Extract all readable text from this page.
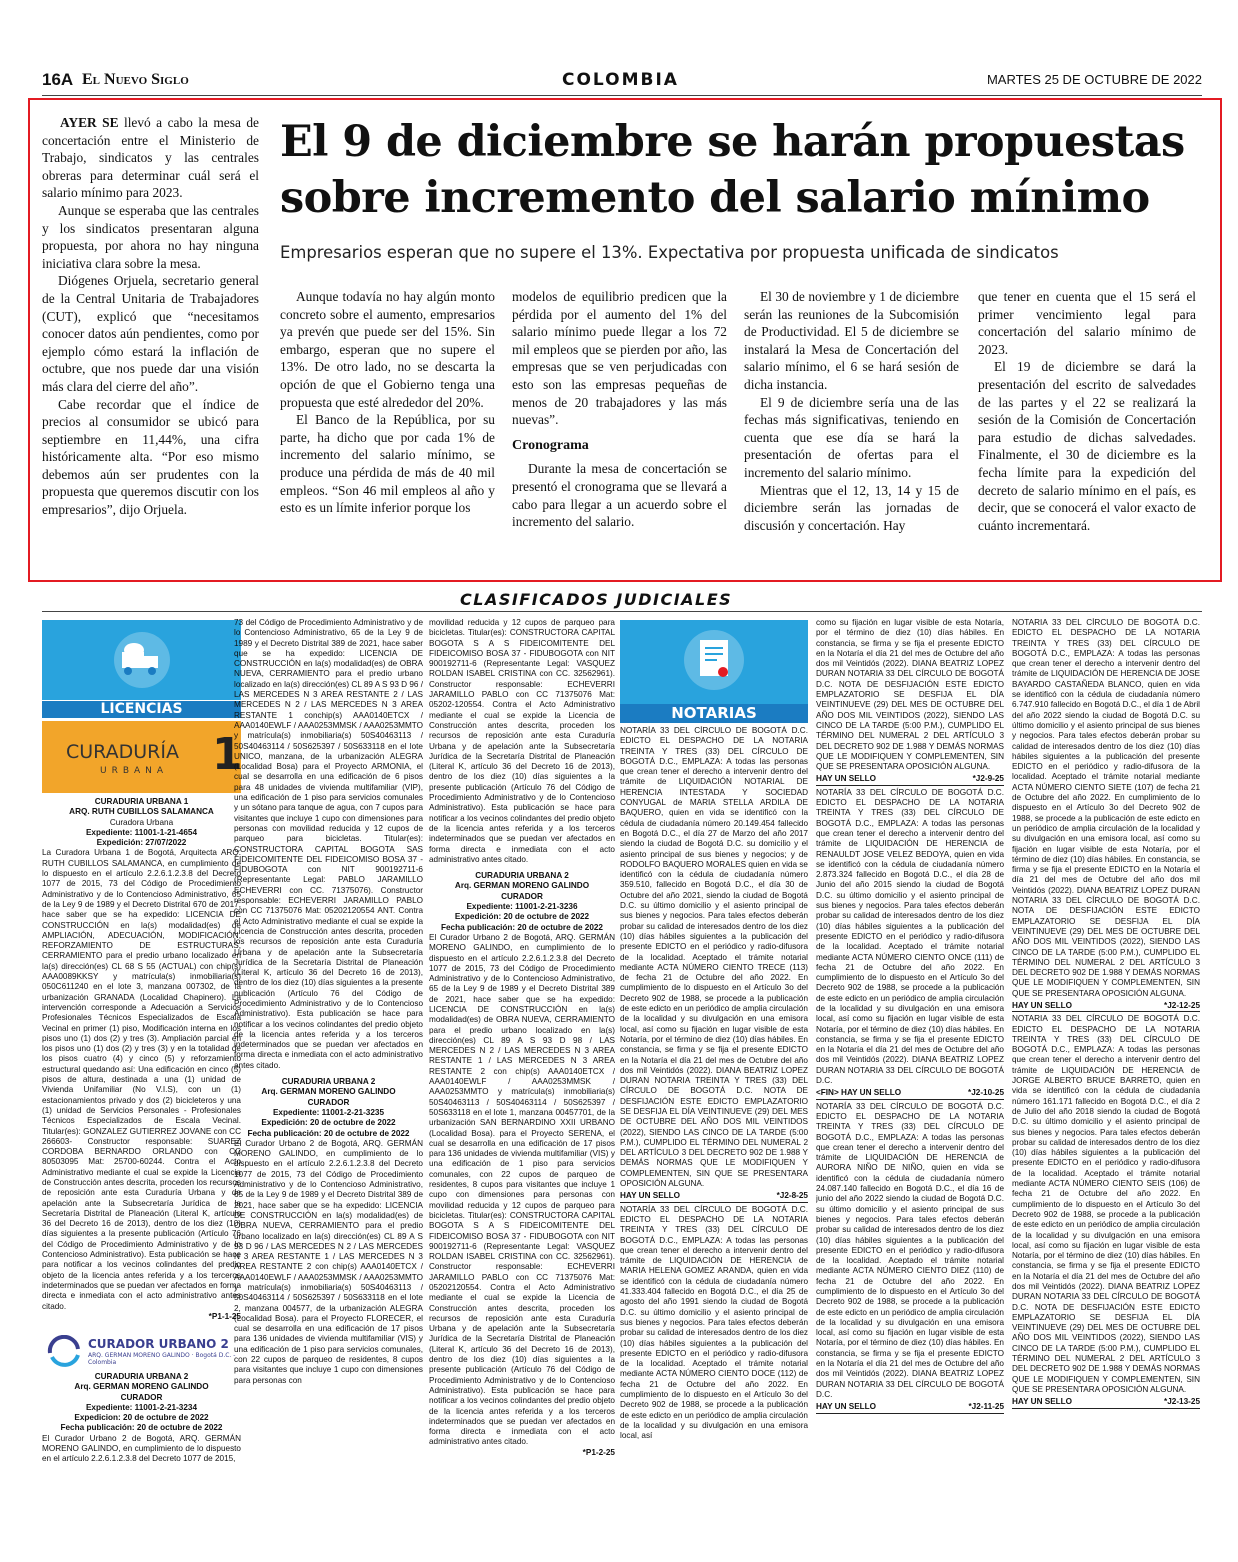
16A El Nuevo Siglo	COLOMBIA	MARTES 25 DE OCTUBRE DE 2022

AYER SE llevó a cabo la mesa de concertación entre el Ministerio de Trabajo, sindicatos y las centrales obreras para determinar cuál será el salario mínimo para 2023.

Aunque se esperaba que las centrales y los sindicatos presentaran alguna propuesta, por ahora no hay ninguna iniciativa clara sobre la mesa.

Diógenes Orjuela, secretario general de la Central Unitaria de Trabajadores (CUT), explicó que “necesitamos conocer datos aún pendientes, como por ejemplo cómo estará la inflación de octubre, que nos puede dar una visión más clara del cierre del año”.

Cabe recordar que el índice de precios al consumidor se ubicó para septiembre en 11,44%, una cifra históricamente alta. “Por eso mismo debemos aún ser prudentes con la propuesta que queremos discutir con los empresarios”, dijo Orjuela.

El 9 de diciembre se harán propuestas sobre incremento del salario mínimo
Empresarios esperan que no supere el 13%. Expectativa por propuesta unificada de sindicatos

Aunque todavía no hay algún monto concreto sobre el aumento, empresarios ya prevén que puede ser del 15%. Sin embargo, esperan que no supere el 13%. De otro lado, no se descarta la opción de que el Gobierno tenga una propuesta que esté alrededor del 20%.

El Banco de la República, por su parte, ha dicho que por cada 1% de incremento del salario mínimo, se produce una pérdida de más de 40 mil empleos. “Son 46 mil empleos al año y esto es un límite inferior porque los

modelos de equilibrio predicen que la pérdida por el aumento del 1% del salario mínimo puede llegar a los 72 mil empleos que se pierden por año, las empresas que se ven perjudicadas con esto son las empresas pequeñas de menos de 20 trabajadores y las más nuevas”.

Cronograma

Durante la mesa de concertación se presentó el cronograma que se llevará a cabo para llegar a un acuerdo sobre el incremento del salario.

El 30 de noviembre y 1 de diciembre serán las reuniones de la Subcomisión de Productividad. El 5 de diciembre se instalará la Mesa de Concertación del salario mínimo, el 6 se hará sesión de dicha instancia.

El 9 de diciembre sería una de las fechas más significativas, teniendo en cuenta que ese día se hará la presentación de ofertas para el incremento del salario mínimo.

Mientras que el 12, 13, 14 y 15 de diciembre serán las jornadas de discusión y concertación. Hay

que tener en cuenta que el 15 será el primer vencimiento legal para concertación del salario mínimo de 2023.

El 19 de diciembre se dará la presentación del escrito de salvedades de las partes y el 22 se realizará la sesión de la Comisión de Concertación para estudio de dichas salvedades. Finalmente, el 30 de diciembre es la fecha límite para la expedición del decreto de salario mínimo en el país, es decir, que se conocerá el valor exacto de cuánto incrementará.

CLASIFICADOS JUDICIALES
LICENCIAS
CURADURÍA
URBANA 1
CURADURIA URBANA 1
ARQ. RUTH CUBILLOS SALAMANCA
Curadora Urbana
Expediente: 11001-1-21-4654
Expedición: 27/07/2022
La Curadora Urbana 1 de Bogotá, Arquitecta ARQ. RUTH CUBILLOS SALAMANCA, en cumplimiento de lo dispuesto en el artículo 2.2.6.1.2.3.8 del Decreto 1077 de 2015, 73 del Código de Procedimiento Administrativo y de lo Contencioso Administrativo, 65 de la Ley 9 de 1989 y el Decreto Distrital 670 de 2017, hace saber que se ha expedido: LICENCIA DE CONSTRUCCIÓN en la(s) modalidad(es) de AMPLIACIÓN, ADECUACIÓN, MODIFICACIÓN, REFORZAMIENTO DE ESTRUCTURAS, CERRAMIENTO para el predio urbano localizado en la(s) dirección(es) CL 68 S 55 (ACTUAL) con chip(s) AAA0089KKSY y matrícula(s) inmobiliaria(s) 050C611240 en el lote 3, manzana 007302, de la urbanización GRANADA (Localidad Chapinero). La intervención corresponde a Adecuación a Servicios Profesionales Técnicos Especializados de Escala Vecinal en primer (1) piso, Modificación interna en los pisos uno (1) dos (2) y tres (3). Ampliación parcial en los pisos uno (1) dos (2) y tres (3) y en la totalidad de los pisos cuatro (4) y cinco (5) y reforzamiento estructural quedando así: Una edificación en cinco (5) pisos de altura, destinada a una (1) unidad de Vivienda Unifamiliar (No V.I.S), con un (1) estacionamientos privado y dos (2) bicicleteros y una (1) unidad de Servicios Personales - Profesionales Técnicos Especializados de Escala Vecinal. Titular(es): GONZALEZ GUTIERREZ JOVANE con CC 266603- Constructor responsable: SUAREZ CORDOBA BERNARDO ORLANDO con CC 80503095 Mat: 25700-60244. Contra el Acto Administrativo mediante el cual se expide la Licencia de Construcción antes descrita, proceden los recursos de reposición ante esta Curaduría Urbana y de apelación ante la Subsecretaría Jurídica de la Secretaría Distrital de Planeación (Literal K, artículo 36 del Decreto 16 de 2013), dentro de los diez (10) días siguientes a la presente publicación (Artículo 76 del Código de Procedimiento Administrativo y de lo Contencioso Administrativo). Esta publicación se hace para notificar a los vecinos colindantes del predio objeto de la licencia antes referida y a los terceros indeterminados que se puedan ver afectados en forma directa e inmediata con el acto administrativo antes citado.
*P1-1-25
CURADOR URBANO 2
ARQ. GERMAN MORENO GALINDO · Bogotá D.C. - Colombia
CURADURIA URBANA 2
Arq. GERMAN MORENO GALINDO
CURADOR
Expediente: 11001-2-21-3234
Expedicion: 20 de octubre de 2022
Fecha publicación: 20 de octubre de 2022
El Curador Urbano 2 de Bogotá, ARQ. GERMÁN MORENO GALINDO, en cumplimiento de lo dispuesto en el artículo 2.2.6.1.2.3.8 del Decreto 1077 de 2015,
73 del Código de Procedimiento Administrativo y de lo Contencioso Administrativo, 65 de la Ley 9 de 1989 y el Decreto Distrital 389 de 2021, hace saber que se ha expedido: LICENCIA DE CONSTRUCCIÓN en la(s) modalidad(es) de OBRA NUEVA, CERRAMIENTO para el predio urbano localizado en la(s) dirección(es) CL 89 A S 93 D 96 / LAS MERCEDES N 3 AREA RESTANTE 2 / LAS MERCEDES N 2 / LAS MERCEDES N 3 AREA RESTANTE 1 conchip(s) AAA0140ETCX / AAA0140EWLF / AAA0253MMSK / AAA0253MMTO y matrícula(s) inmobiliaria(s) 50S40463113 / 50S40463114 / 50S625397 / 50S633118 en el lote UNICO, manzana, de la urbanización ALEGRA (Localidad Bosa) para el Proyecto ARMONIA, el cual se desarrolla en una edificación de 6 pisos para 48 unidades de vivienda multifamiliar (VIP), una edificación de 1 piso para servicios comunales y un sótano para tanque de agua, con 7 cupos para visitantes que incluye 1 cupo con dimensiones para personas con movilidad reducida y 12 cupos de parqueo para bicicletas. Titular(es): CONSTRUCTORA CAPITAL BOGOTA SAS FIDEICOMITENTE DEL FIDEICOMISO BOSA 37 - FIDUBOGOTA con NIT 900192711-6 (Representante Legal: PABLO JARAMILLO ECHEVERRI con CC. 71375076). Constructor responsable: ECHEVERRI JARAMILLO PABLO con CC 71375076 Mat: 05202120554 ANT. Contra el Acto Administrativo mediante el cual se expide la Licencia de Construcción antes descrita, proceden los recursos de reposición ante esta Curaduría Urbana y de apelación ante la Subsecretaría Jurídica de la Secretaría Distrital de Planeación (Literal K, artículo 36 del Decreto 16 de 2013), dentro de los diez (10) días siguientes a la presente publicación (Artículo 76 del Código de Procedimiento Administrativo y de lo Contencioso Administrativo). Esta publicación se hace para notificar a los vecinos colindantes del predio objeto de la licencia antes referida y a los terceros indeterminados que se puedan ver afectados en forma directa e inmediata con el acto administrativo antes citado.
CURADURIA URBANA 2
Arq. GERMAN MORENO GALINDO
CURADOR
Expediente: 11001-2-21-3235
Expedición: 20 de octubre de 2022
Fecha publicación: 20 de octubre de 2022
El Curador Urbano 2 de Bogotá, ARQ. GERMÁN MORENO GALINDO, en cumplimiento de lo dispuesto en el artículo 2.2.6.1.2.3.8 del Decreto 1077 de 2015, 73 del Código de Procedimiento Administrativo y de lo Contencioso Administrativo, 65 de la Ley 9 de 1989 y el Decreto Distrital 389 de 2021, hace saber que se ha expedido: LICENCIA DE CONSTRUCCIÓN en la(s) modalidad(es) de OBRA NUEVA, CERRAMIENTO para el predio urbano localizado en la(s) dirección(es) CL 89 A S 93 D 96 / LAS MERCEDES N 2 / LAS MERCEDES N 3 AREA RESTANTE 1 / LAS MERCEDES N 3 AREA RESTANTE 2 con chip(s) AAA0140ETCX / AAA0140EWLF / AAA0253MMSK / AAA0253MMTO y matrícula(s) inmobiliaria(s) 50S40463113 / 50S40463114 / 50S625397 / 50S633118 en el lote 2, manzana 004577, de la urbanización ALEGRA (Localidad Bosa). para el Proyecto FLORECER, el cual se desarrolla en una edificación de 17 pisos para 136 unidades de vivienda multifamiliar (VIS) y una edificación de 1 piso para servicios comunales, con 22 cupos de parqueo de residentes, 8 cupos para visitantes que incluye 1 cupo con dimensiones para personas con
movilidad reducida y 12 cupos de parqueo para bicicletas. Titular(es): CONSTRUCTORA CAPITAL BOGOTA S A S FIDEICOMITENTE DEL FIDEICOMISO BOSA 37 - FIDUBOGOTA con NIT 900192711-6 (Representante Legal: VASQUEZ ROLDAN ISABEL CRISTINA con CC. 32562961). Constructor responsable: ECHEVERRI JARAMILLO PABLO con CC 71375076 Mat: 05202-120554. Contra el Acto Administrativo mediante el cual se expide la Licencia de Construcción antes descrita, proceden los recursos de reposición ante esta Curaduría Urbana y de apelación ante la Subsecretaría Jurídica de la Secretaría Distrital de Planeación (Literal K, artículo 36 del Decreto 16 de 2013), dentro de los diez (10) días siguientes a la presente publicación (Artículo 76 del Código de Procedimiento Administrativo y de lo Contencioso Administrativo). Esta publicación se hace para notificar a los vecinos colindantes del predio objeto de la licencia antes referida y a los terceros indeterminados que se puedan ver afectados en forma directa e inmediata con el acto administrativo antes citado.
CURADURIA URBANA 2
Arq. GERMAN MORENO GALINDO
CURADOR
Expediente: 11001-2-21-3236
Expedición: 20 de octubre de 2022
Fecha publicación: 20 de octubre de 2022
El Curador Urbano 2 de Bogotá, ARQ. GERMÁN MORENO GALINDO, en cumplimiento de lo dispuesto en el artículo 2.2.6.1.2.3.8 del Decreto 1077 de 2015, 73 del Código de Procedimiento Administrativo y de lo Contencioso Administrativo, 65 de la Ley 9 de 1989 y el Decreto Distrital 389 de 2021, hace saber que se ha expedido: LICENCIA DE CONSTRUCCIÓN en la(s) modalidad(es) de OBRA NUEVA, CERRAMIENTO para el predio urbano localizado en la(s) dirección(es) CL 89 A S 93 D 98 / LAS MERCEDES N 2 / LAS MERCEDES N 3 AREA RESTANTE 1 / LAS MERCEDES N 3 AREA RESTANTE 2 con chip(s) AAA0140ETCX / AAA0140EWLF / AAA0253MMSK / AAA0253MMTO y matrícula(s) inmobiliaria(s) 50S40463113 / 50S40463114 / 50S625397 / 50S633118 en el lote 1, manzana 00457701, de la urbanización SAN BERNARDINO XXII URBANO (Localidad Bosa). para el Proyecto SERENA, el cual se desarrolla en una edificación de 17 pisos para 136 unidades de vivienda multifamiliar (VIS) y una edificación de 1 piso para servicios comunales, con 22 cupos de parqueo de residentes, 8 cupos para visitantes que incluye 1 cupo con dimensiones para personas con movilidad reducida y 12 cupos de parqueo para bicicletas. Titular(es): CONSTRUCTORA CAPITAL BOGOTA S A S FIDEICOMITENTE DEL FIDEICOMISO BOSA 37 - FIDUBOGOTA con NIT 900192711-6 (Representante Legal: VASQUEZ ROLDAN ISABEL CRISTINA con CC. 32562961). Constructor responsable: ECHEVERRI JARAMILLO PABLO con CC 71375076 Mat: 05202120554. Contra el Acto Administrativo mediante el cual se expide la Licencia de Construcción antes descrita, proceden los recursos de reposición ante esta Curaduría Urbana y de apelación ante la Subsecretaría Jurídica de la Secretaría Distrital de Planeación (Literal K, artículo 36 del Decreto 16 de 2013), dentro de los diez (10) días siguientes a la presente publicación (Artículo 76 del Código de Procedimiento Administrativo y de lo Contencioso Administrativo). Esta publicación se hace para notificar a los vecinos colindantes del predio objeto de la licencia antes referida y a los terceros indeterminados que se puedan ver afectados en forma directa e inmediata con el acto administrativo antes citado.
*P1-2-25
NOTARIAS
NOTARÍA 33 DEL CÍRCULO DE BOGOTÁ D.C. EDICTO EL DESPACHO DE LA NOTARIA TREINTA Y TRES (33) DEL CÍRCULO DE BOGOTÁ D.C., EMPLAZA: A todas las personas que crean tener el derecho a intervenir dentro del trámite de LIQUIDACIÓN NOTARIAL DE HERENCIA INTESTADA Y SOCIEDAD CONYUGAL de MARIA STELLA ARDILA DE BAQUERO, quien en vida se identificó con la cédula de ciudadanía número 20.149.454 fallecido en Bogotá D.C., el día 27 de Marzo del año 2017 siendo la ciudad de Bogotá D.C. su domicilio y el asiento principal de sus bienes y negocios; y de RODOLFO BAQUERO MORALES quien en vida se identificó con la cédula de ciudadanía número 359.510, fallecido en Bogotá D.C., el día 30 de Octubre del año 2021, siendo la ciudad de Bogotá D.C. su último domicilio y el asiento principal de sus bienes y negocios. Para tales efectos deberán probar su calidad de interesados dentro de los diez (10) días hábiles siguientes a la publicación del presente EDICTO en el periódico y radio-difusora de la localidad. Aceptado el trámite notarial mediante ACTA NÚMERO CIENTO TRECE (113) de fecha 21 de Octubre del año 2022. En cumplimiento de lo dispuesto en el Artículo 3o del Decreto 902 de 1988, se procede a la publicación de este edicto en un periódico de amplia circulación de la localidad y su divulgación en una emisora local, así como su fijación en lugar visible de esta Notaría, por el término de diez (10) días hábiles. En constancia, se firma y se fija el presente EDICTO en la Notaría el día 21 del mes de Octubre del año dos mil Veintidós (2022). DIANA BEATRIZ LOPEZ DURAN NOTARIA TREINTA Y TRES (33) DEL CÍRCULO DE BOGOTÁ D.C. NOTA DE DESFIJACIÓN ESTE EDICTO EMPLAZATORIO SE DESFIJA EL DÍA VEINTINUEVE (29) DEL MES DE OCTUBRE DEL AÑO DOS MIL VEINTIDOS (2022), SIENDO LAS CINCO DE LA TARDE (5:00 P.M.), CUMPLIDO EL TÉRMINO DEL NUMERAL 2 DEL ARTÍCULO 3 DEL DECRETO 902 DE 1.988 Y DEMÁS NORMAS QUE LE MODIFIQUEN Y COMPLEMENTEN, SIN QUE SE PRESENTARA OPOSICIÓN ALGUNA.
HAY UN SELLO	*J2-8-25
NOTARÍA 33 DEL CÍRCULO DE BOGOTÁ D.C. EDICTO EL DESPACHO DE LA NOTARIA TREINTA Y TRES (33) DEL CÍRCULO DE BOGOTÁ D.C., EMPLAZA: A todas las personas que crean tener el derecho a intervenir dentro del trámite de LIQUIDACIÓN DE HERENCIA de MARIA HELENA GOMEZ ARANDA, quien en vida se identificó con la cédula de ciudadanía número 41.333.404 fallecido en Bogotá D.C., el día 25 de agosto del año 1991 siendo la ciudad de Bogotá D.C. su último domicilio y el asiento principal de sus bienes y negocios. Para tales efectos deberán probar su calidad de interesados dentro de los diez (10) días hábiles siguientes a la publicación del presente EDICTO en el periódico y radio-difusora de la localidad. Aceptado el trámite notarial mediante ACTA NÚMERO CIENTO DOCE (112) de fecha 21 de Octubre del año 2022. En cumplimiento de lo dispuesto en el Artículo 3o del Decreto 902 de 1988, se procede a la publicación de este edicto en un periódico de amplia circulación de la localidad y su divulgación en una emisora local, así
como su fijación en lugar visible de esta Notaría, por el término de diez (10) días hábiles. En constancia, se firma y se fija el presente EDICTO en la Notaría el día 21 del mes de Octubre del año dos mil Veintidós (2022). DIANA BEATRIZ LOPEZ DURAN NOTARIA 33 DEL CÍRCULO DE BOGOTÁ D.C. NOTA DE DESFIJACIÓN ESTE EDICTO EMPLAZATORIO SE DESFIJA EL DÍA VEINTINUEVE (29) DEL MES DE OCTUBRE DEL AÑO DOS MIL VEINTIDOS (2022), SIENDO LAS CINCO DE LA TARDE (5:00 P.M.), CUMPLIDO EL TÉRMINO DEL NUMERAL 2 DEL ARTÍCULO 3 DEL DECRETO 902 DE 1.988 Y DEMÁS NORMAS QUE LE MODIFIQUEN Y COMPLEMENTEN, SIN QUE SE PRESENTARA OPOSICIÓN ALGUNA.
HAY UN SELLO	*J2-9-25
NOTARÍA 33 DEL CÍRCULO DE BOGOTÁ D.C. EDICTO EL DESPACHO DE LA NOTARIA TREINTA Y TRES (33) DEL CÍRCULO DE BOGOTÁ D.C., EMPLAZA: A todas las personas que crean tener el derecho a intervenir dentro del trámite de LIQUIDACIÓN DE HERENCIA de RENAULDT JOSE VELEZ BEDOYA, quien en vida se identificó con la cédula de ciudadanía número 2.873.324 fallecido en Bogotá D.C., el día 28 de Junio del año 2015 siendo la ciudad de Bogotá D.C. su último domicilio y el asiento principal de sus bienes y negocios. Para tales efectos deberán probar su calidad de interesados dentro de los diez (10) días hábiles siguientes a la publicación del presente EDICTO en el periódico y radio-difusora de la localidad. Aceptado el trámite notarial mediante ACTA NÚMERO CIENTO ONCE (111) de fecha 21 de Octubre del año 2022. En cumplimiento de lo dispuesto en el Artículo 3o del Decreto 902 de 1988, se procede a la publicación de este edicto en un periódico de amplia circulación de la localidad y su divulgación en una emisora local, así como su fijación en lugar visible de esta Notaría, por el término de diez (10) días hábiles. En constancia, se firma y se fija el presente EDICTO en la Notaría el día 21 del mes de Octubre del año dos mil Veintidós (2022). DIANA BEATRIZ LOPEZ DURAN NOTARIA 33 DEL CÍRCULO DE BOGOTÁ D.C.
<FIN> HAY UN SELLO	*J2-10-25
NOTARÍA 33 DEL CÍRCULO DE BOGOTÁ D.C. EDICTO EL DESPACHO DE LA NOTARIA TREINTA Y TRES (33) DEL CÍRCULO DE BOGOTÁ D.C., EMPLAZA: A todas las personas que crean tener el derecho a intervenir dentro del trámite de LIQUIDACIÓN DE HERENCIA de AURORA NIÑO DE NIÑO, quien en vida se identificó con la cédula de ciudadanía número 24.087.140 fallecido en Bogotá D.C., el día 16 de junio del año 2022 siendo la ciudad de Bogotá D.C. su último domicilio y el asiento principal de sus bienes y negocios. Para tales efectos deberán probar su calidad de interesados dentro de los diez (10) días hábiles siguientes a la publicación del presente EDICTO en el periódico y radio-difusora de la localidad. Aceptado el trámite notarial mediante ACTA NÚMERO CIENTO DIEZ (110) de fecha 21 de Octubre del año 2022. En cumplimiento de lo dispuesto en el Artículo 3o del Decreto 902 de 1988, se procede a la publicación de este edicto en un periódico de amplia circulación de la localidad y su divulgación en una emisora local, así como su fijación en lugar visible de esta Notaría, por el término de diez (10) días hábiles. En constancia, se firma y se fija el presente EDICTO en la Notaría el día 21 del mes de Octubre del año dos mil Veintidós (2022). DIANA BEATRIZ LOPEZ DURAN NOTARIA 33 DEL CÍRCULO DE BOGOTÁ D.C.
HAY UN SELLO	*J2-11-25
NOTARIA 33 DEL CÍRCULO DE BOGOTÁ D.C. EDICTO EL DESPACHO DE LA NOTARIA TREINTA Y TRES (33) DEL CÍRCULO DE BOGOTÁ D.C., EMPLAZA: A todas las personas que crean tener el derecho a intervenir dentro del trámite de LIQUIDACIÓN DE HERENCIA DE JOSE BAYARDO CASTAÑEDA BLANCO, quien en vida se identificó con la cédula de ciudadanía número 6.747.910 fallecido en Bogotá D.C., el día 1 de Abril del año 2022 siendo la ciudad de Bogotá D.C. su último domicilio y el asiento principal de sus bienes y negocios. Para tales efectos deberán probar su calidad de interesados dentro de los diez (10) días hábiles siguientes a la publicación del presente EDICTO en el periódico y radio-difusora de la localidad. Aceptado el trámite notarial mediante ACTA NÚMERO CIENTO SIETE (107) de fecha 21 de Octubre del año 2022. En cumplimiento de lo dispuesto en el Artículo 3o del Decreto 902 de 1988, se procede a la publicación de este edicto en un periódico de amplia circulación de la localidad y su divulgación en una emisora local, así como su fijación en lugar visible de esta Notaría, por el término de diez (10) días hábiles. En constancia, se firma y se fija el presente EDICTO en la Notaría el día 21 del mes de Octubre del año dos mil Veintidós (2022). DIANA BEATRIZ LOPEZ DURAN NOTARIA 33 DEL CÍRCULO DE BOGOTÁ D.C. NOTA DE DESFIJACIÓN ESTE EDICTO EMPLAZATORIO SE DESFIJA EL DÍA VEINTINUEVE (29) DEL MES DE OCTUBRE DEL AÑO DOS MIL VEINTIDOS (2022), SIENDO LAS CINCO DE LA TARDE (5:00 P.M.), CUMPLIDO EL TÉRMINO DEL NUMERAL 2 DEL ARTÍCULO 3 DEL DECRETO 902 DE 1.988 Y DEMÁS NORMAS QUE LE MODIFIQUEN Y COMPLEMENTEN, SIN QUE SE PRESENTARA OPOSICIÓN ALGUNA.
HAY UN SELLO	*J2-12-25
NOTARIA 33 DEL CÍRCULO DE BOGOTÁ D.C. EDICTO EL DESPACHO DE LA NOTARIA TREINTA Y TRES (33) DEL CÍRCULO DE BOGOTÁ D.C., EMPLAZA: A todas las personas que crean tener el derecho a intervenir dentro del trámite de LIQUIDACIÓN DE HERENCIA de JORGE ALBERTO BRUCE BARRETO, quien en vida se identificó con la cédula de ciudadanía número 161.171 fallecido en Bogotá D.C., el día 2 de Julio del año 2018 siendo la ciudad de Bogotá D.C. su último domicilio y el asiento principal de sus bienes y negocios. Para tales efectos deberán probar su calidad de interesados dentro de los diez (10) días hábiles siguientes a la publicación del presente EDICTO en el periódico y radio-difusora de la localidad. Aceptado el trámite notarial mediante ACTA NÚMERO CIENTO SEIS (106) de fecha 21 de Octubre del año 2022. En cumplimiento de lo dispuesto en el Artículo 3o del Decreto 902 de 1988, se procede a la publicación de este edicto en un periódico de amplia circulación de la localidad y su divulgación en una emisora local, así como su fijación en lugar visible de esta Notaría, por el término de diez (10) días hábiles. En constancia, se firma y se fija el presente EDICTO en la Notaría el día 21 del mes de Octubre del año dos mil Veintidós (2022). DIANA BEATRIZ LOPEZ DURAN NOTARIA 33 DEL CÍRCULO DE BOGOTÁ D.C. NOTA DE DESFIJACIÓN ESTE EDICTO EMPLAZATORIO SE DESFIJA EL DÍA VEINTINUEVE (29) DEL MES DE OCTUBRE DEL AÑO DOS MIL VEINTIDOS (2022), SIENDO LAS CINCO DE LA TARDE (5:00 P.M.), CUMPLIDO EL TÉRMINO DEL NUMERAL 2 DEL ARTÍCULO 3 DEL DECRETO 902 DE 1.988 Y DEMÁS NORMAS QUE LE MODIFIQUEN Y COMPLEMENTEN, SIN QUE SE PRESENTARA OPOSICIÓN ALGUNA.
HAY UN SELLO	*J2-13-25
